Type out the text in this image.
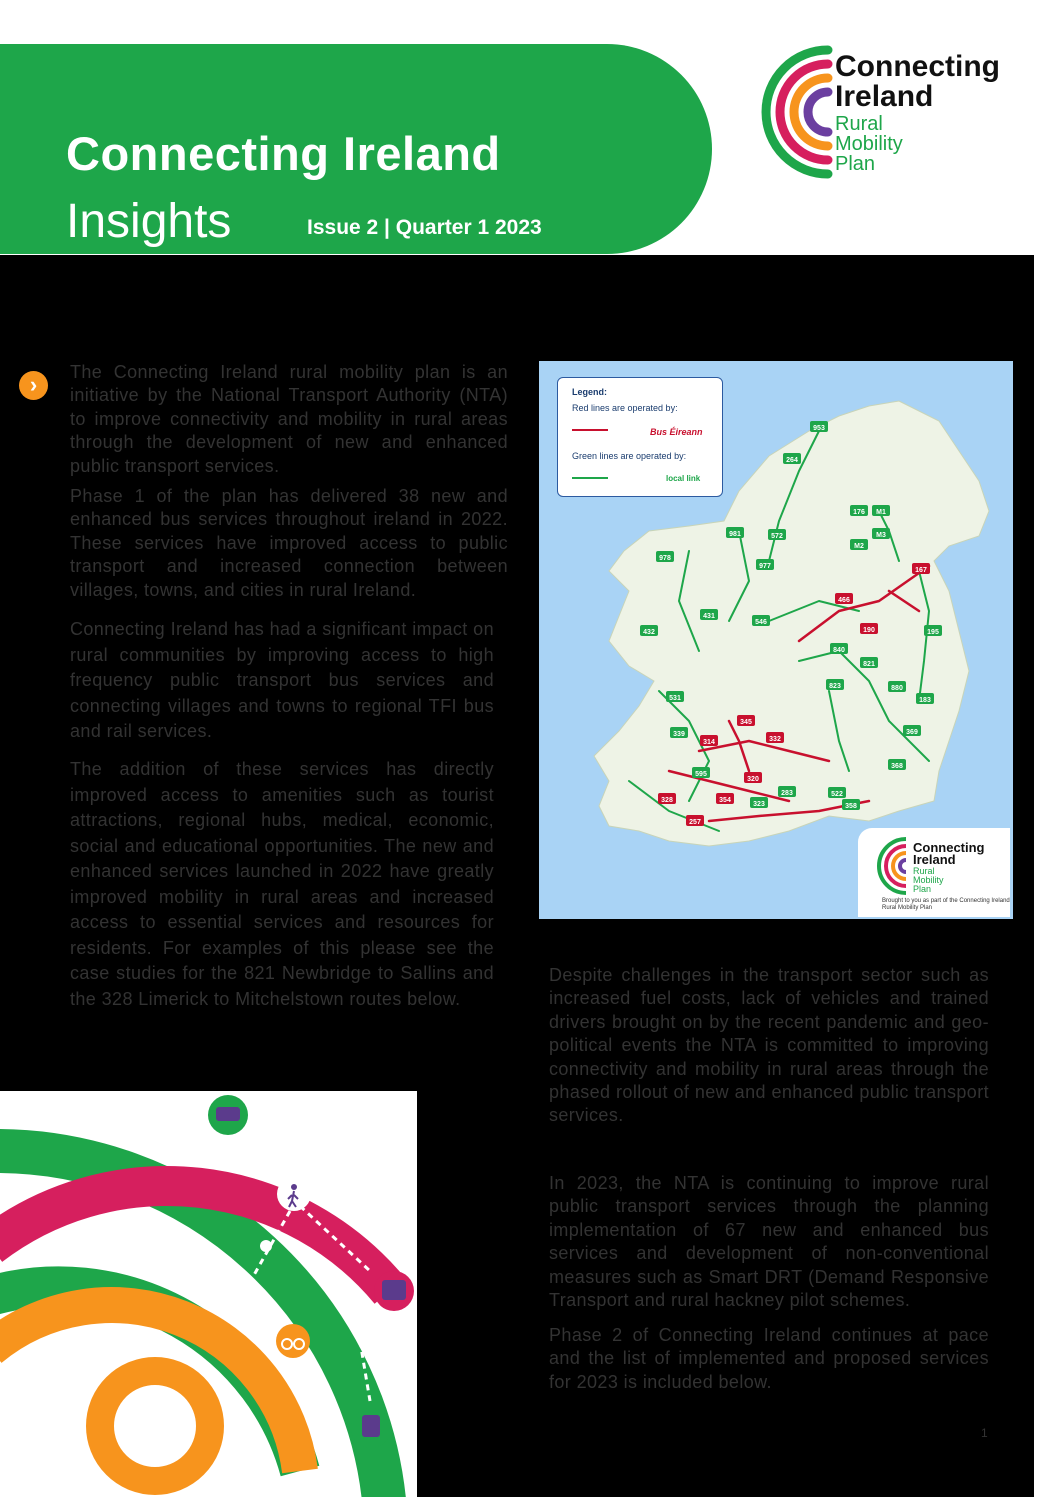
Connecting Ireland
Insights	Issue 2 | Quarter 1 2023
Connecting
Ireland
Rural
Mobility
Plan
›	The Connecting Ireland rural mobility plan is an initiative by the National Transport Authority (NTA) to improve connectivity and mobility in rural areas through the development of new and enhanced public transport services.
Phase 1 of the plan has delivered 38 new and enhanced bus services throughout ireland in 2022. These services have improved access to public transport and increased connection between villages, towns, and cities in rural Ireland.
Connecting Ireland has had a significant impact on rural communities by improving access to high frequency public transport bus services and connecting villages and towns to regional TFI bus and rail services.
The addition of these services has directly improved access to amenities such as tourist attractions, regional hubs, medical, economic, social and educational opportunities. The new and enhanced services launched in 2022 have greatly improved mobility in rural areas and increased access to essential services and resources for residents. For examples of this please see the case studies for the 821 Newbridge to Sallins and the 328 Limerick to Mitchelstown routes below.
953
264
981	572
176 M1
M3
M2
167
978
977
466
431
546
432	190	195
840
821
823	880
183
531
345
339
314	332
369
595
320
368
328	354
283	522
323	358
257
Legend:
Red lines are operated by:
Bus Éireann
Green lines are operated by:
local link
Connecting
Ireland
Rural
Mobility
Plan
Brought to you as part of the Connecting Ireland Rural Mobility Plan
Despite challenges in the transport sector such as increased fuel costs, lack of vehicles and trained drivers brought on by the recent pandemic and geo-political events the NTA is committed to improving connectivity and mobility in rural areas through the phased rollout of new and enhanced public transport services.
In 2023, the NTA is continuing to improve rural public transport services through the planning implementation of 67 new and enhanced bus services and development of non-conventional measures such as Smart DRT (Demand Responsive Transport and rural hackney pilot schemes.
Phase 2 of Connecting Ireland continues at pace and the list of implemented and proposed services for 2023 is included below.
1
